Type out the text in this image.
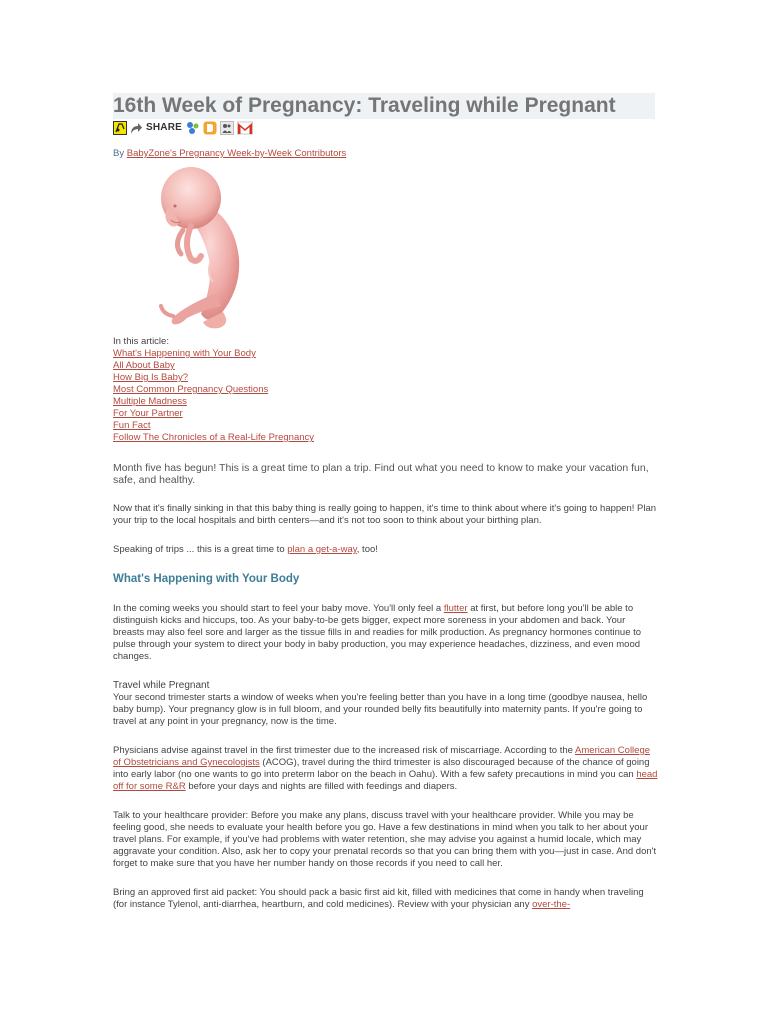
16th Week of Pregnancy: Traveling while Pregnant
SHARE
By BabyZone's Pregnancy Week-by-Week Contributors
In this article:
What's Happening with Your Body
All About Baby
How Big Is Baby?
Most Common Pregnancy Questions
Multiple Madness
For Your Partner
Fun Fact
Follow The Chronicles of a Real-Life Pregnancy

Month five has begun! This is a great time to plan a trip. Find out what you need to know to make your vacation fun, safe, and healthy.

Now that it's finally sinking in that this baby thing is really going to happen, it's time to think about where it's going to happen! Plan your trip to the local hospitals and birth centers—and it's not too soon to think about your birthing plan.

Speaking of trips ... this is a great time to plan a get-a-way, too!

What's Happening with Your Body

In the coming weeks you should start to feel your baby move. You'll only feel a flutter at first, but before long you'll be able to distinguish kicks and hiccups, too. As your baby-to-be gets bigger, expect more soreness in your abdomen and back. Your breasts may also feel sore and larger as the tissue fills in and readies for milk production. As pregnancy hormones continue to pulse through your system to direct your body in baby production, you may experience headaches, dizziness, and even mood changes.

Travel while Pregnant

Your second trimester starts a window of weeks when you're feeling better than you have in a long time (goodbye nausea, hello baby bump). Your pregnancy glow is in full bloom, and your rounded belly fits beautifully into maternity pants. If you're going to travel at any point in your pregnancy, now is the time.

Physicians advise against travel in the first trimester due to the increased risk of miscarriage. According to the American College of Obstetricians and Gynecologists (ACOG), travel during the third trimester is also discouraged because of the chance of going into early labor (no one wants to go into preterm labor on the beach in Oahu). With a few safety precautions in mind you can head off for some R&R before your days and nights are filled with feedings and diapers.

Talk to your healthcare provider: Before you make any plans, discuss travel with your healthcare provider. While you may be feeling good, she needs to evaluate your health before you go. Have a few destinations in mind when you talk to her about your travel plans. For example, if you've had problems with water retention, she may advise you against a humid locale, which may aggravate your condition. Also, ask her to copy your prenatal records so that you can bring them with you—just in case. And don't forget to make sure that you have her number handy on those records if you need to call her.

Bring an approved first aid packet: You should pack a basic first aid kit, filled with medicines that come in handy when traveling (for instance Tylenol, anti-diarrhea, heartburn, and cold medicines). Review with your physician any over-the-
